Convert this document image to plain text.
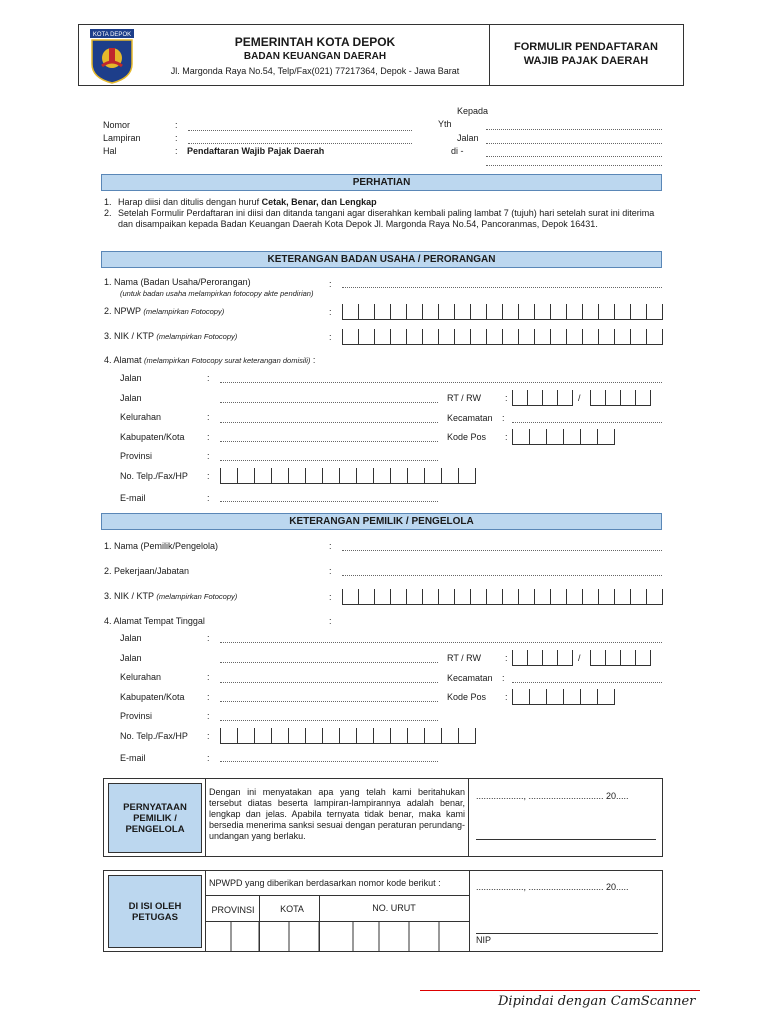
KOTA DEPOK	PEMERINTAH KOTA DEPOK
BADAN KEUANGAN DAERAH
Jl. Margonda Raya No.54, Telp/Fax(021) 77217364, Depok - Jawa Barat
FORMULIR PENDAFTARAN
WAJIB PAJAK DAERAH
Nomor	:
Lampiran	:
Hal	: Pendaftaran Wajib Pajak Daerah
Kepada
Yth
Jalan
di -
PERHATIAN
1. Harap diisi dan ditulis dengan huruf Cetak, Benar, dan Lengkap
2. Setelah Formulir Perdaftaran ini diisi dan ditanda tangani agar diserahkan kembali paling lambat 7 (tujuh) hari setelah surat ini diterima dan disampaikan kepada Badan Keuangan Daerah Kota Depok Jl. Margonda Raya No.54, Pancoranmas, Depok 16431.
KETERANGAN BADAN USAHA / PERORANGAN
1. Nama (Badan Usaha/Perorangan)
(untuk badan usaha melampirkan fotocopy akte pendirian)
:
2. NPWP (melampirkan Fotocopy)	:
3. NIK / KTP (melampirkan Fotocopy)	:
4. Alamat (melampirkan Fotocopy surat keterangan domisili) :
Jalan	:
Jalan	RT / RW	:	/
Kelurahan	:	Kecamatan :
Kabupaten/Kota :	Kode Pos :
Provinsi	:
No. Telp./Fax/HP :
E-mail	:
KETERANGAN PEMILIK / PENGELOLA
1. Nama (Pemilik/Pengelola)	:
2. Pekerjaan/Jabatan	:
3. NIK / KTP (melampirkan Fotocopy)	:
4. Alamat Tempat Tinggal	:
Jalan	:
Jalan	RT / RW	:	/
Kelurahan	:	Kecamatan :
Kabupaten/Kota :	Kode Pos :
Provinsi	:
No. Telp./Fax/HP :
E-mail	:
PERNYATAAN PEMILIK / PENGELOLA
Dengan ini menyatakan apa yang telah kami beritahukan tersebut diatas beserta lampiran-lampirannya adalah benar, lengkap dan jelas. Apabila ternyata tidak benar, maka kami bersedia menerima sanksi sesuai dengan peraturan perundang-undangan yang berlaku.
..................., .............................. 20.....
DI ISI OLEH PETUGAS
NPWPD yang diberikan berdasarkan nomor kode berikut :
PROVINSI	KOTA	NO. URUT
..................., .............................. 20.....
NIP
Dipindai dengan CamScanner
